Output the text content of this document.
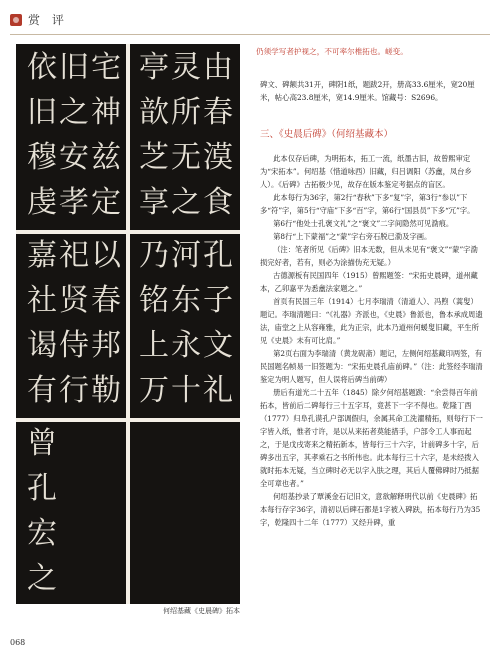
赏 评
依
旧
穆
虔
旧
之
安
孝
宅
神
兹
定
亭
歆
芝
享
灵
所
无
之
由
春
漠
食
嘉
社
谒
有
祀
贤
侍
行
以
春
邦
勒
乃
铭
上
万
河
东
永
十
孔
子
文
礼
曾
孔
宏
之
何绍基藏《史晨碑》拓本
仍须学写者护视之，不可率尔椎拓也。嵯变。
碑文、碑额共31开，碑阴1纸，题跋2开，册高33.6厘米，宽20厘米，帖心高23.8厘米，宽14.9厘米。馆藏号：S2696。
三、《史晨后碑》（何绍基藏本）

此本仅存后碑，为明拓本，拓工一流，纸墨古旧，故曾熙审定为“宋拓本”。何绍基（惜道咏西）旧藏，归吕调阳（苏盦，凤台乡人）。《后碑》古拓极少见，故存在版本鉴定考据点的盲区。

此本每行为36字，第2行“春秋”下多“复”字，第3行“参以”下多“符”字，第5行“守庙”下多“百”字，第6行“国县员”下多“冗”字。

第6行“他处士孔褒文礼”之“褒文”二字间隐然可见泐痕。

第8行“上下蒙福”之“蒙”字右旁石脱已泐及字画。

（注：笔者所见《后碑》旧本无数，但从未见有“褒文”“蒙”字泐损完好者，若有，则必为涂描伪充无疑。）

古德源板有民国四年（1915）曾熙题签：“宋拓史晨碑，道州藏本，乙卯嘉平为悉盦法家题之。”

首页有民国三年（1914）七月李瑞清（清道人）、冯煦（蒿叟）题记。李瑞清题曰：“《礼器》齐派也，《史晨》鲁派也，鲁本承成周遗法，庙堂之上从容雍雅，此为正宗，此本乃道州何蝯叟旧藏，平生所见《史晨》未有可比肩。”

第2页右面为李瑞清（黄龙砚斋）题记，左侧何绍基藏印两签，有民国题名帧易一旧签题为：“宋拓史晨孔庙前碑。”（注：此签经李瑞清鉴定为明人题写，但人误将后碑当前碑）

册后有道光二十五年（1845）除夕何绍基题跋：“余尝得百年前拓本，皆前后二碑每行三十五字耳，竟甚下一字不得也。乾隆丁酉（1777）归阜孔谟孔户部调假归，余属其命工洗濯精拓，则每行下一字皆入纸，惟者寸许，是以从来拓者莫能措手，户部令工人事而起之，于是戊戌寄来之精拓新本，皆每行三十六字，计前碑多十字，后碑多出五字，其孝乘石之书所伟也。此本每行三十六字，是未经拨入就时拓本无疑，当立碑时必无以字入肤之理，其后人覆佛碑时乃抵据全可章也者。”

何绍基抄录了覃溪金石记旧文，意欲解释明代以前《史晨碑》拓本每行存字36字，清初以后碑石都是1字被入碑趺，拓本每行乃为35字，乾隆四十二年（1777）又经升碑，重

068
